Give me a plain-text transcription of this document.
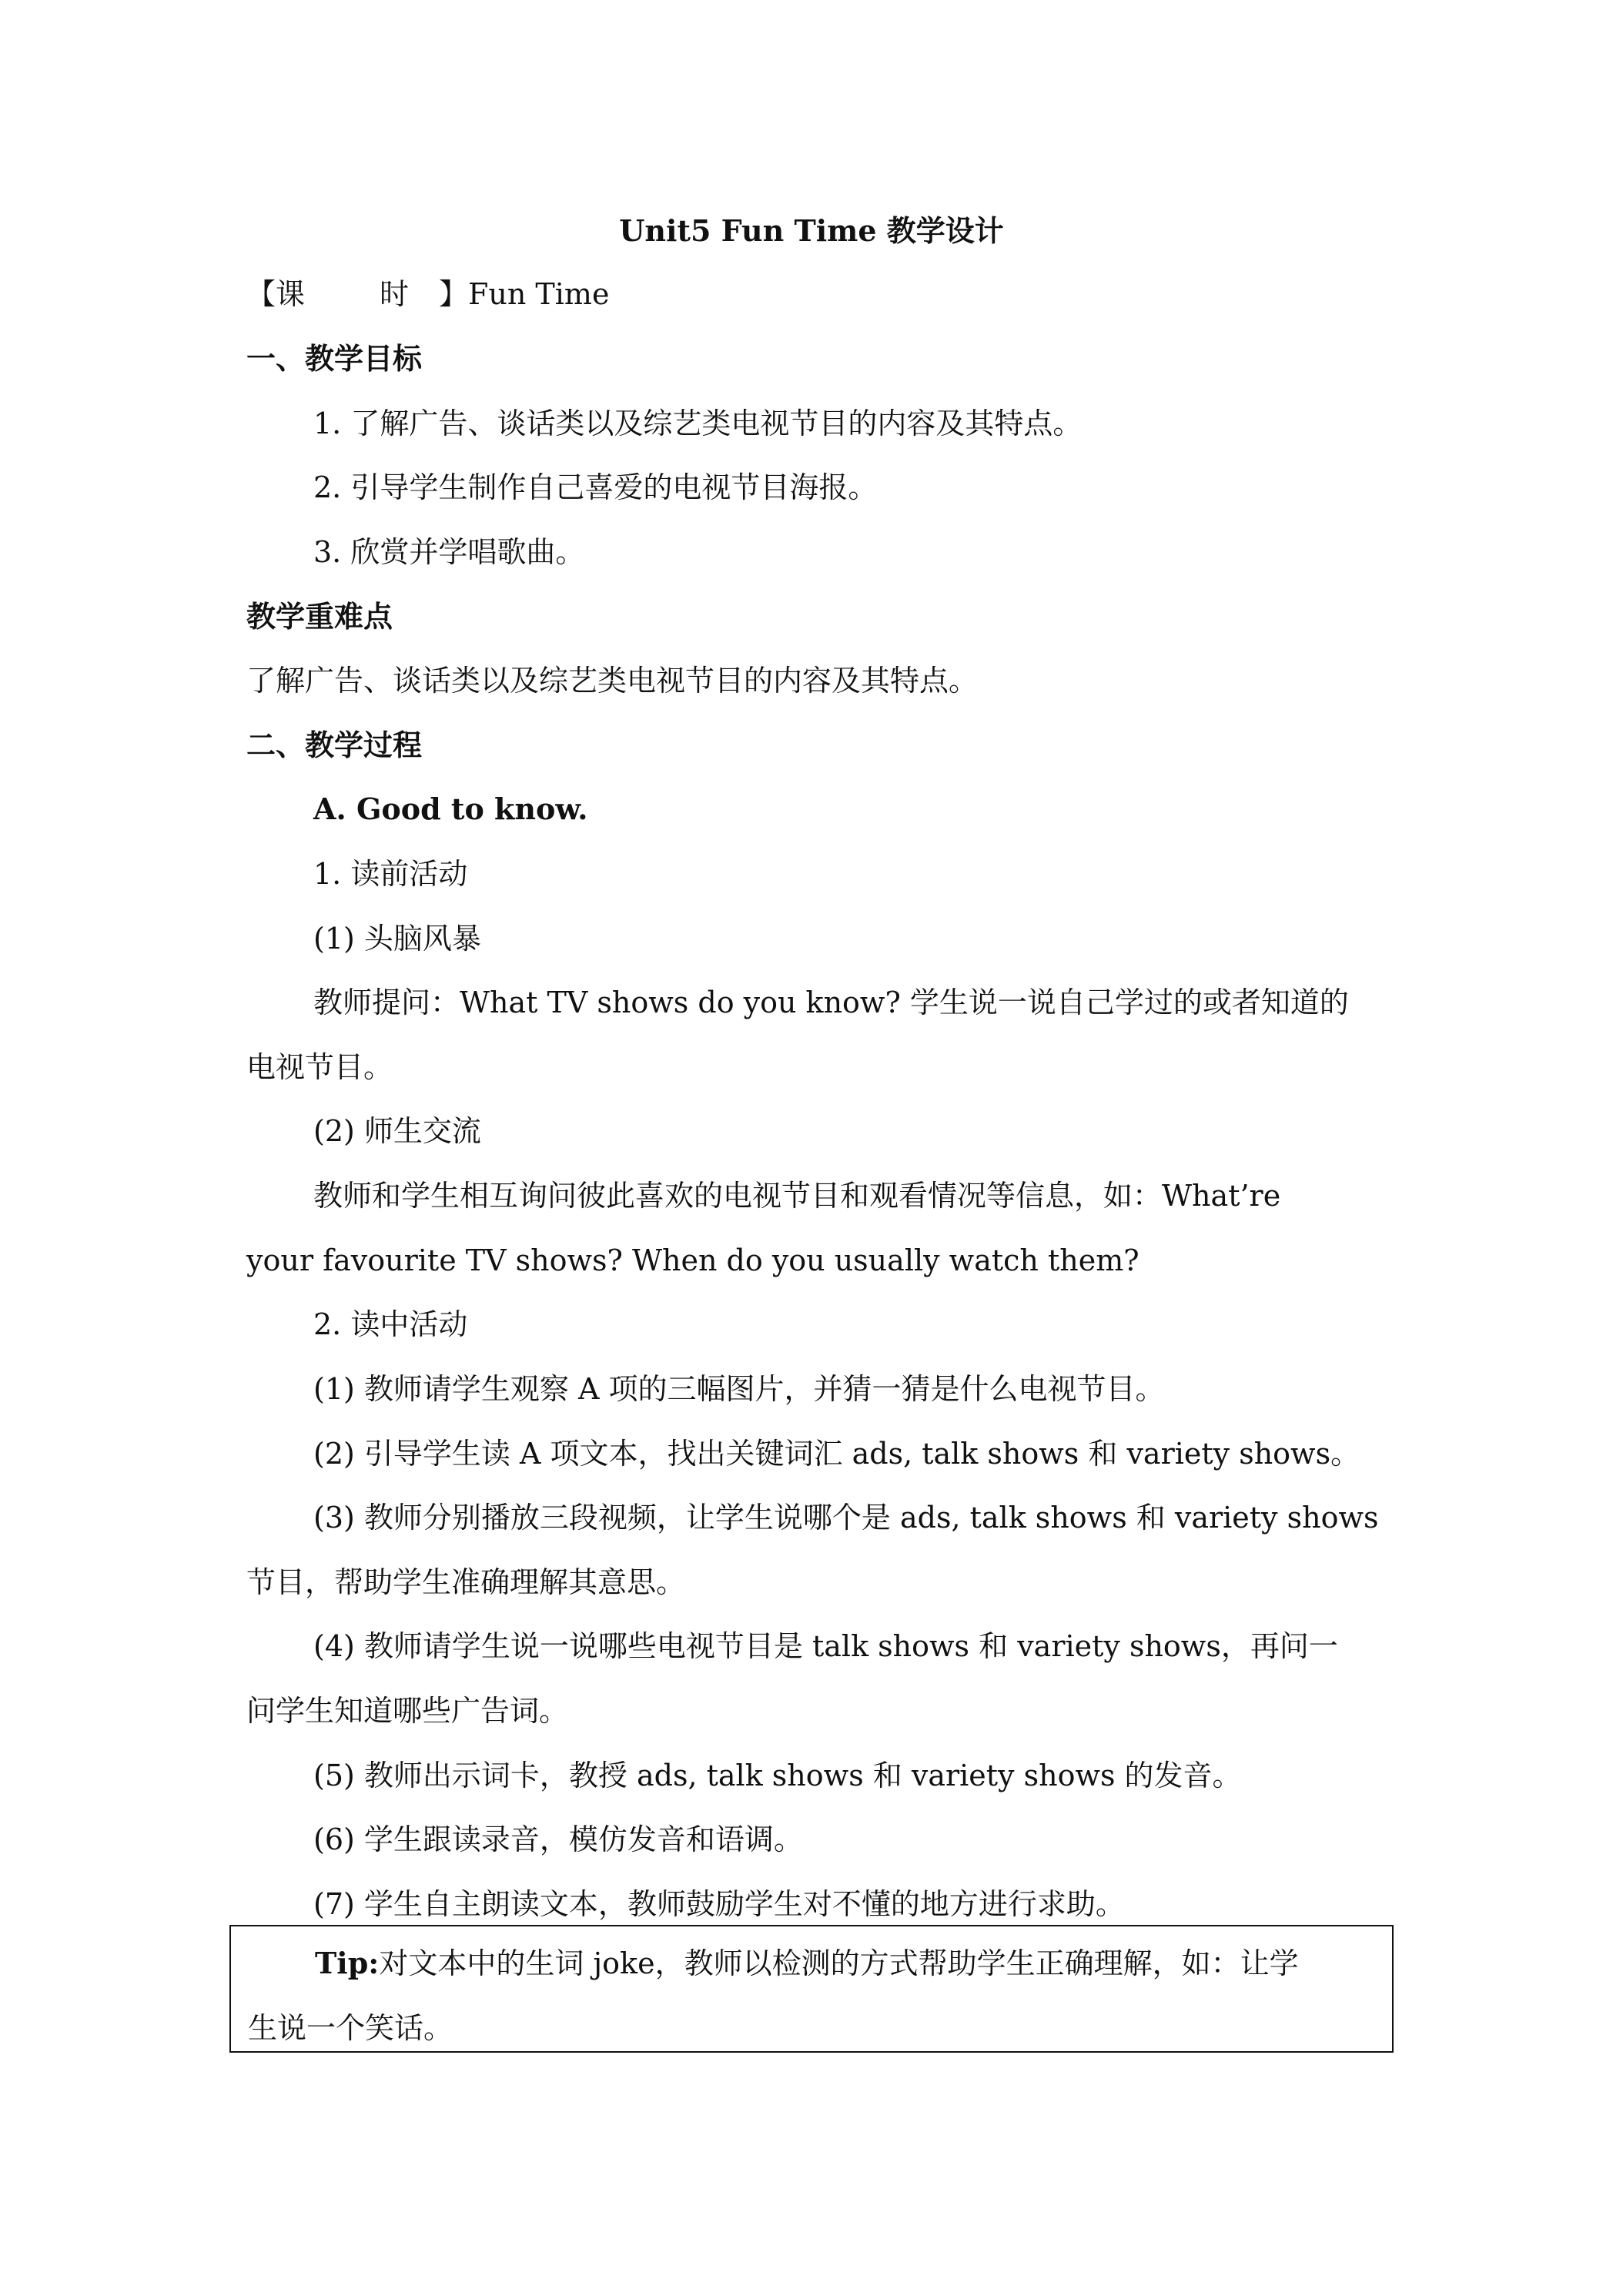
Unit5 Fun Time 教学设计
【课	时 】Fun Time
一、教学目标
1. 了解广告、谈话类以及综艺类电视节目的内容及其特点。
2. 引导学生制作自己喜爱的电视节目海报。
3. 欣赏并学唱歌曲。
教学重难点
了解广告、谈话类以及综艺类电视节目的内容及其特点。
二、教学过程
A. Good to know.
1. 读前活动
(1) 头脑风暴
教师提问：What TV shows do you know? 学生说一说自己学过的或者知道的
电视节目。
(2) 师生交流
教师和学生相互询问彼此喜欢的电视节目和观看情况等信息，如：What’re
your favourite TV shows? When do you usually watch them?
2. 读中活动
(1) 教师请学生观察 A 项的三幅图片，并猜一猜是什么电视节目。
(2) 引导学生读 A 项文本，找出关键词汇 ads, talk shows 和 variety shows。
(3) 教师分别播放三段视频，让学生说哪个是 ads, talk shows 和 variety shows
节目，帮助学生准确理解其意思。
(4) 教师请学生说一说哪些电视节目是 talk shows 和 variety shows，再问一
问学生知道哪些广告词。
(5) 教师出示词卡，教授 ads, talk shows 和 variety shows 的发音。
(6) 学生跟读录音，模仿发音和语调。
(7) 学生自主朗读文本，教师鼓励学生对不懂的地方进行求助。
Tip:对文本中的生词 joke，教师以检测的方式帮助学生正确理解，如：让学
生说一个笑话。
